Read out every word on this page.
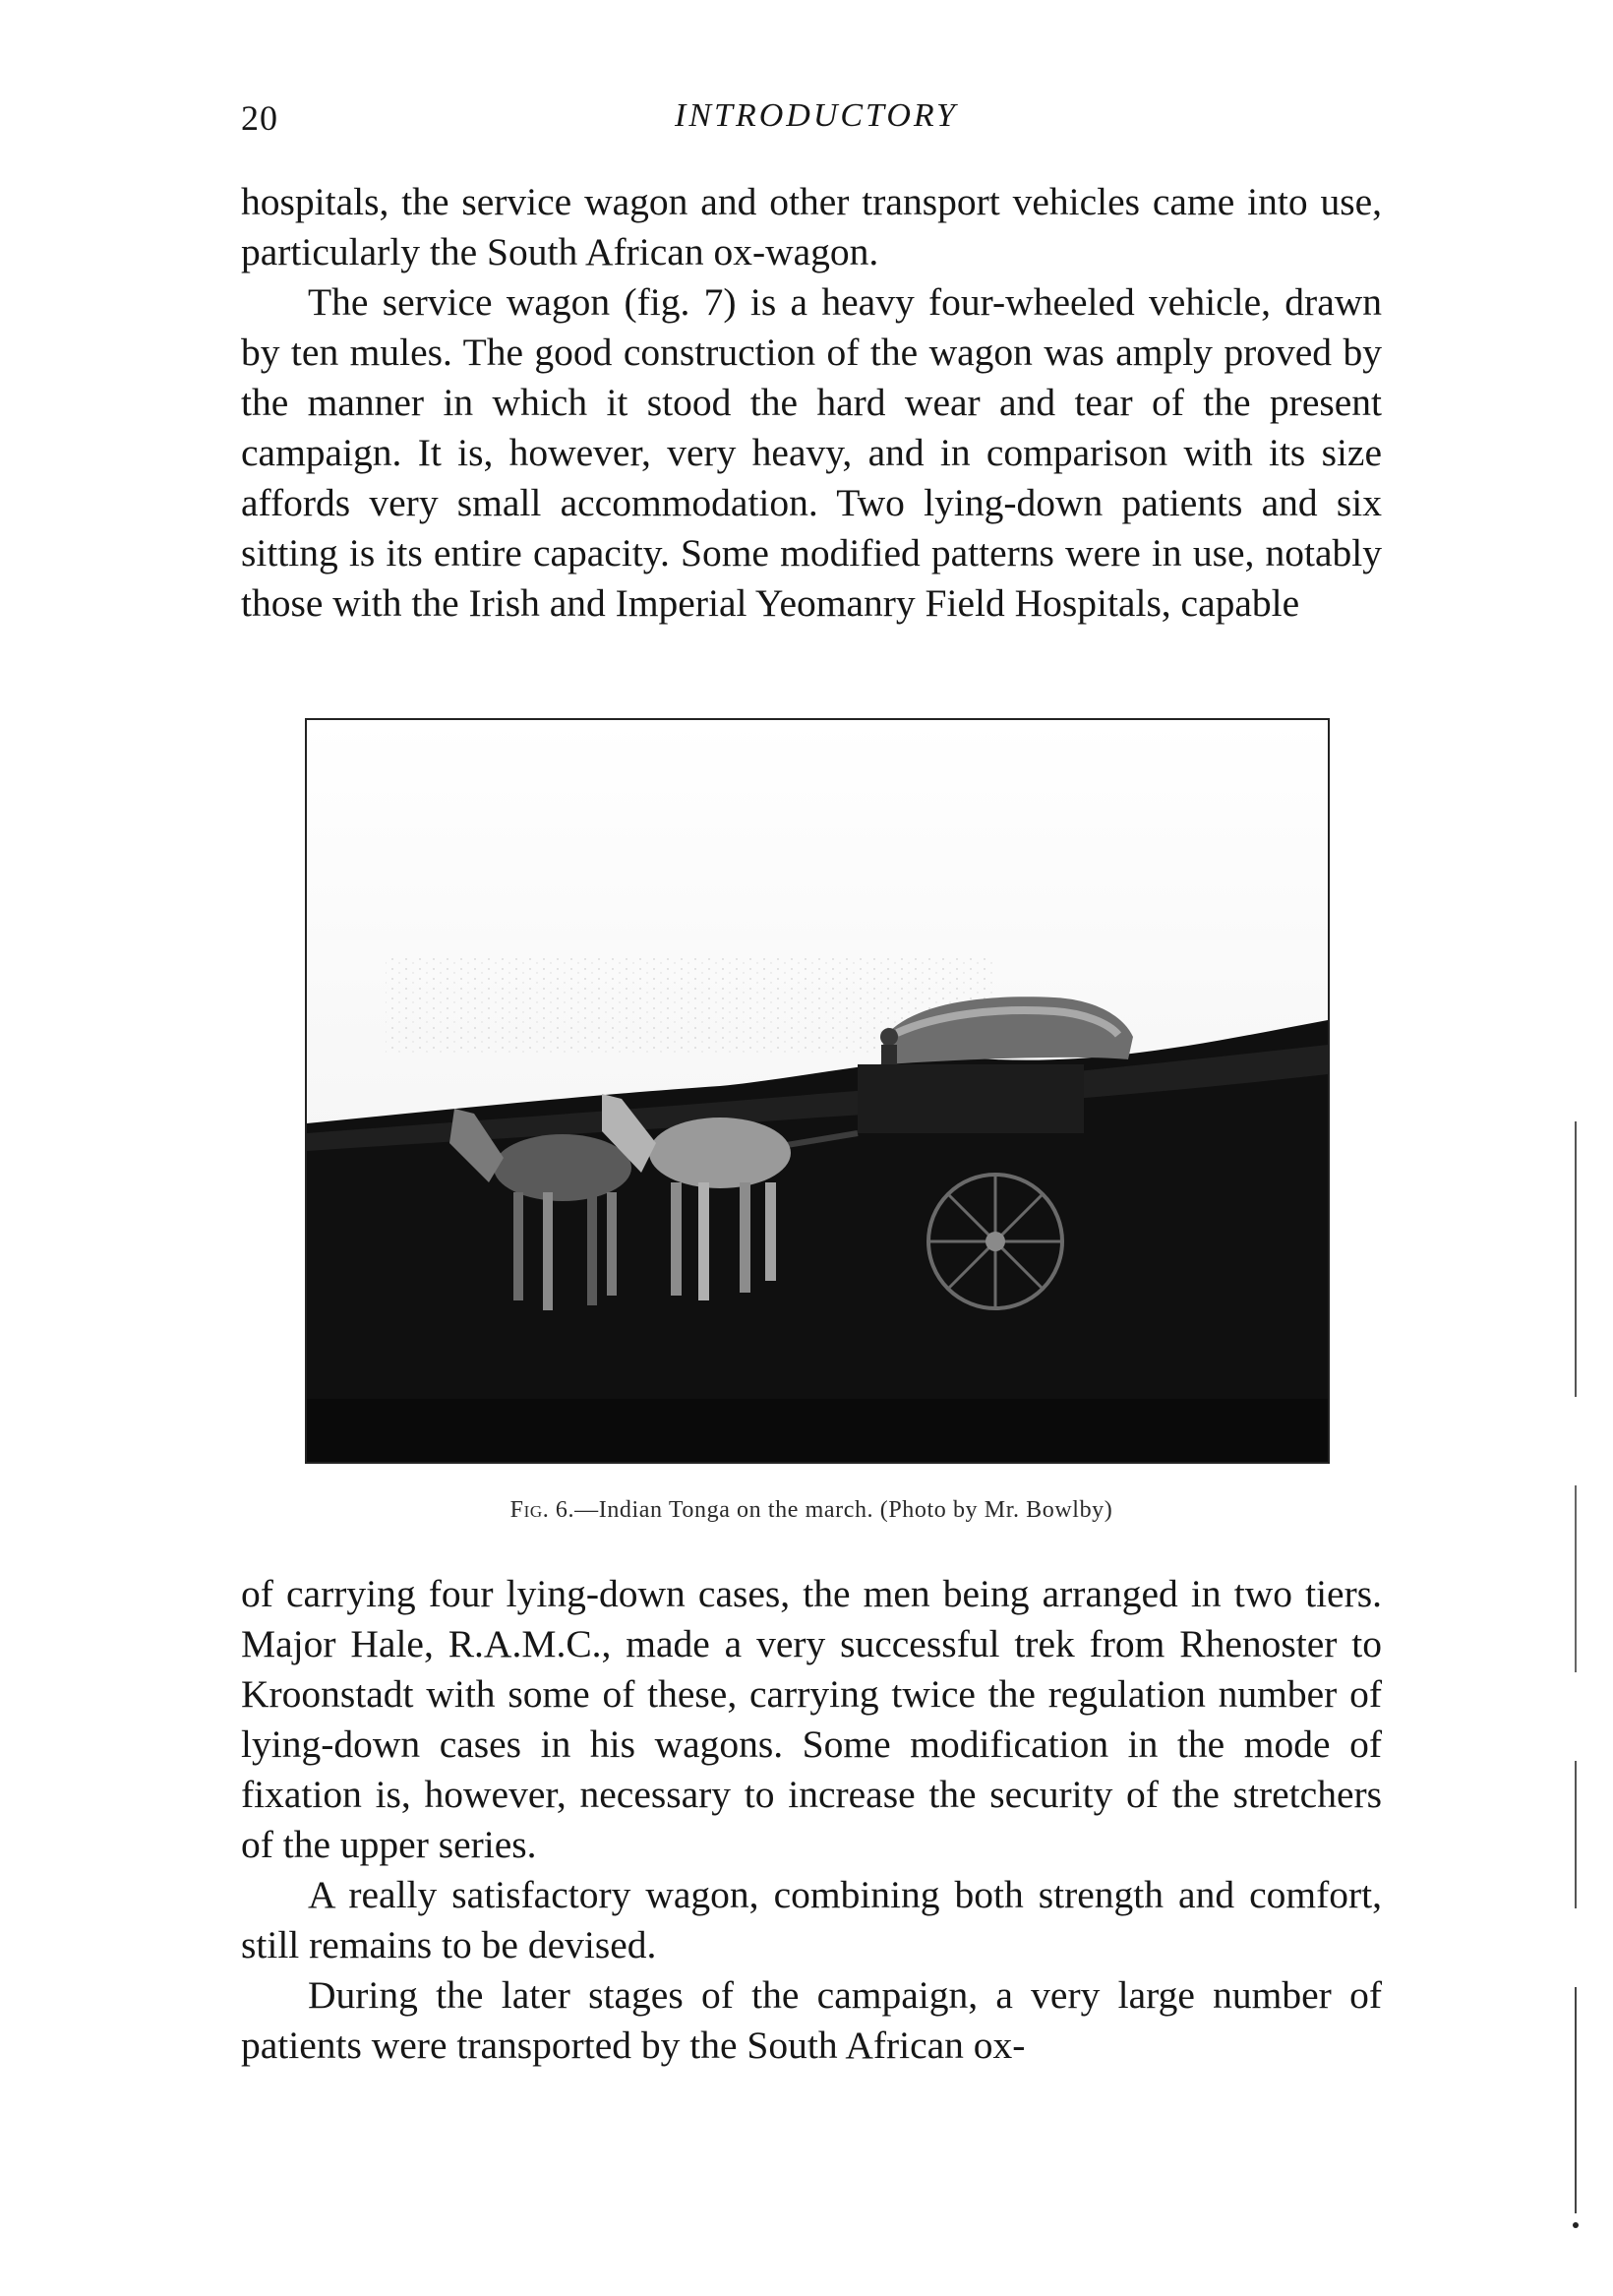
20	INTRODUCTORY

hospitals, the service wagon and other transport vehicles came into use, particularly the South African ox-wagon.

The service wagon (fig. 7) is a heavy four-wheeled vehicle, drawn by ten mules. The good construction of the wagon was amply proved by the manner in which it stood the hard wear and tear of the present campaign. It is, however, very heavy, and in comparison with its size affords very small accommodation. Two lying-down patients and six sitting is its entire capacity. Some modified patterns were in use, notably those with the Irish and Imperial Yeomanry Field Hospitals, capable

Fig. 6.—Indian Tonga on the march. (Photo by Mr. Bowlby)

of carrying four lying-down cases, the men being arranged in two tiers. Major Hale, R.A.M.C., made a very successful trek from Rhenoster to Kroonstadt with some of these, carrying twice the regulation number of lying-down cases in his wagons. Some modification in the mode of fixation is, however, necessary to increase the security of the stretchers of the upper series.

A really satisfactory wagon, combining both strength and comfort, still remains to be devised.

During the later stages of the campaign, a very large number of patients were transported by the South African ox-
